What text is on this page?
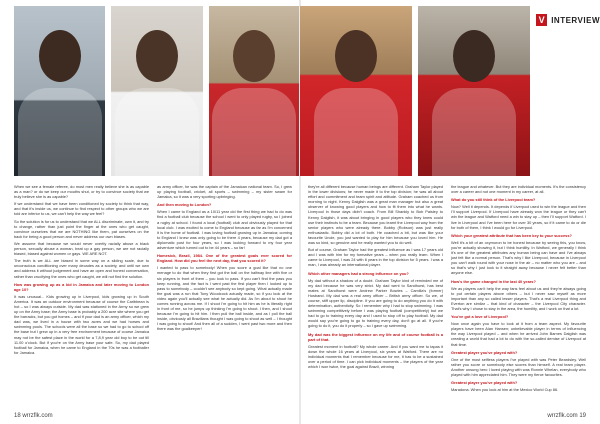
When we see a female referee, do most men really believe she is as capable as a man? or do we keep our mouths shut, or try to convince society that we truly believe she is as capable?

If we understand that we have been conditioned by society to think that way, and that it's inside us, we continue to find respect to other groups who we are told are inferior to us, we can't help the way we feel?

So the solution is for us to understand that we ALL discriminate, own it, and try to change, rather than just point the finger at the ones who get caught, convince ourselves that we are NOTHING like them, pat ourselves on the back for being a good person and never address our own biases.

We assume that because we would never overtly racially abuse a black person, sexually abuse a woman, beat up a gay person, we are not racially biased, biased against women or gays. WE ARE NOT.

The truth is we ALL are biased in some way on a sliding scale, due to unconscious conditioning over many decades as a society, and until we own and address it without judgement and have an open and honest conversation, rather than crucifying the ones who get caught, we will not find the solution.

How was growing up as a kid in Jamaica and later moving to London age 10?

It was unusual... Kids growing up in Liverpool, kids growing up in South America. It was an outdoor environment because of course the Caribbean is hot – so I was always outside. My dad was stationed in the Army so we grew up on the Army base; the Army base is probably a 200 acre site where you get the barracks, but you got homes – and if your dad is an army officer, which my dad was, we lived in a house with two acres and we had horses and swimming pools. The schools were all the base so we had to go to school off the base but I grew up in a very free environment because of course Jamaica may not be the safest place in the world for a 7,8,9 year old boy to be out till 11.00 o'clock. But if you're on the Army base your safe. So, my dad played football for Jamaica, when he came to England in the 70s he was a footballer for Jamaica.

as army officer, he was the captain of the Jamaican national team. So, I grew up playing football, cricket, all sports – swimming – my sister swam for Jamaica, so it was a very sporting upbringing.

And then moving to London?

When I came to England as a 10/11 year old the first thing we had to do was find a football club because the school I went to only played rugby, so I joined a rugby at school. I found a local (football) club and obviously played for that local club. I was excited to come to England because as far as I'm concerned it is the home of football. I was loving football growing up in Jamaica; coming to England I knew was only going to be there 4 years, because my dad got a diplomatic post for four years, so I was looking forward to my four year adventure which turned out to be 44 years – so far!

Homesick, Brazil, 1984. One of the greatest goals ever scored for England. How did you feel the next day, that you scored it?

I wanted to pass to somebody! When you score a goal like that no one menage to do that when they first got the ball on the halfway line with five or six players in front of them – you look to pass. If you can't find the pass you keep running, and the fact is I went past the first player then I looked up to pass to somebody – couldn't see anybody so kept going. What actually made the goal was a run that Tony Woodcock actually made, so if you look at the video again you'll actually see what he actually did. As I'm about to shoot he comes running across me. If I shoot I'm going to hit him as he is literally right in front of me, so he jumps up thinking I'm going to shoot. I then, and I shoot because I'm going to hit him. I then pull the ball inside, and as I pull the ball inside, obviously all Brazilians thought I was going to shoot as well – I thought I was going to shoot! And then all of a sudden, I went past two more and then there was the goalkeeper!

18 wrrzflk.com
V INTERVIEW

they're all different because human beings are different. Graham Taylor played in the lower divisions; he never made it to the top division; he was all about effort and commitment and team spirit and attitude. Graham coached us from morning to night. Kenny Dalglish was a great man manager but also a great observer of knowing good players and how to fit them into what he wants. Liverpool in those days didn't coach. From Bill Shankly to Bob Paisley to Kenny Dalglish, it was about bringing in good players who they knew could use their instincts to be a team. Because you learnt the Liverpool way from the senior players who were already there. Bobby (Robson) was just really enthusiastic. Bobby did a lot of both. He coached a bit, but was like your favourite Uncle, you just wanted to play for him because you loved him. He was so kind, so genuine and he really wanted you to do well.

But of course, Graham Taylor had the greatest influence as I was 17 years old and I was with him for my formative years – when you really learn. When I came to Liverpool, I was 24 with 6 years in the top division for 5 years. I was a man, I was already an international player.

Which other managers had a strong influence on you?

My dad without a shadow of a doubt. Graham Taylor kind of reminded me of my dad because he was very strict. My dad went to Sandhurst, has best mates at Sandhurst were Andrew Parker Bowles – Camilla's (former) Husband. My dad was a real army officer – British army officer. So we, of course, stiff upper lip, discipline. If you are going to do anything you do it with determination, authenticity. So I remember why I had to stop swimming. I was swimming competitively before I was playing football (competitively) but we had to go to training every day and I used to stop off to play football. My dad would say you're going to go to training every day, don't go at all. If you're going to do it, you do it properly – so I gave up swimming.

My dad was the biggest influence on my life and of course football is a part of that.

Greatest moment in football? My whole career. And if you want me to tapas it down the whole 16 years at Liverpool, six years at Watford. There are no individual moments that I remember because for me, it has to be a sustained over a period of time. I can pick individual moments – the players of the year which I won twice, the goal against Brazil, winning

the league and whatever. But they are individual moments. It's the consistency over a career and not one moment in my career, at all.

What do you still think of the Liverpool team?

Now? Well it depends. It depends if Liverpool used to win the league and then I'll support Liverpool. If Liverpool have already won the league or they can't win the league and Watford need a win to stay up – then I'll support Watford. I live in Liverpool and I've been here for over 30 years, so if it came to do or die for both of them, I think I would go for Liverpool.

Which your greatest attribute that has been key to your success?

Well it's a bit of an oxymoron to be honest because by seeing this, you know, you're actually showing it, but I think humility. In Watford, we generally I think it's one of the greatest attributes any human being can have and I've always just felt like a normal person. That's why I like Liverpool, because in Liverpool you can't walk round with your nose in the air – no matter who you are – and so that's why I just look to it straight away because I never felt better than anyone else.

How's the game changed in the last 40 years?

We as players can't help the way fans feel about us and they're always going to put certain players above others – but I never saw myself as more important than any so called lesser players. That's a real Liverpool thing and Everton are similar – that kind of character – the Liverpool City character. That's why I chose to stay in the area, the humility, and I work on that a lot.

You've got a love of Liverpool?

Now once again you have to look at it from a team aspect. My favourite players have been Alan Hansen; unbelievable player in terms of influencing the way Liverpool played – and when he arrived John Barnes Dalglish was creating a world that had a lot to do with the so-called demise of Liverpool at that time.

Greatest player you've played with?

One of the most selfless players I've played with was Peter Beardsley. Well rather you score or somebody else scores than himself. A real team player. Another unsung hero I loved playing with was Ronnie Whelan, everybody who played with him appreciated him. They were my fierce favourites.

Greatest player you've played with?

Maradona. When you look at him at the Mexico World Cup 86.

wrrzflk.com 19
